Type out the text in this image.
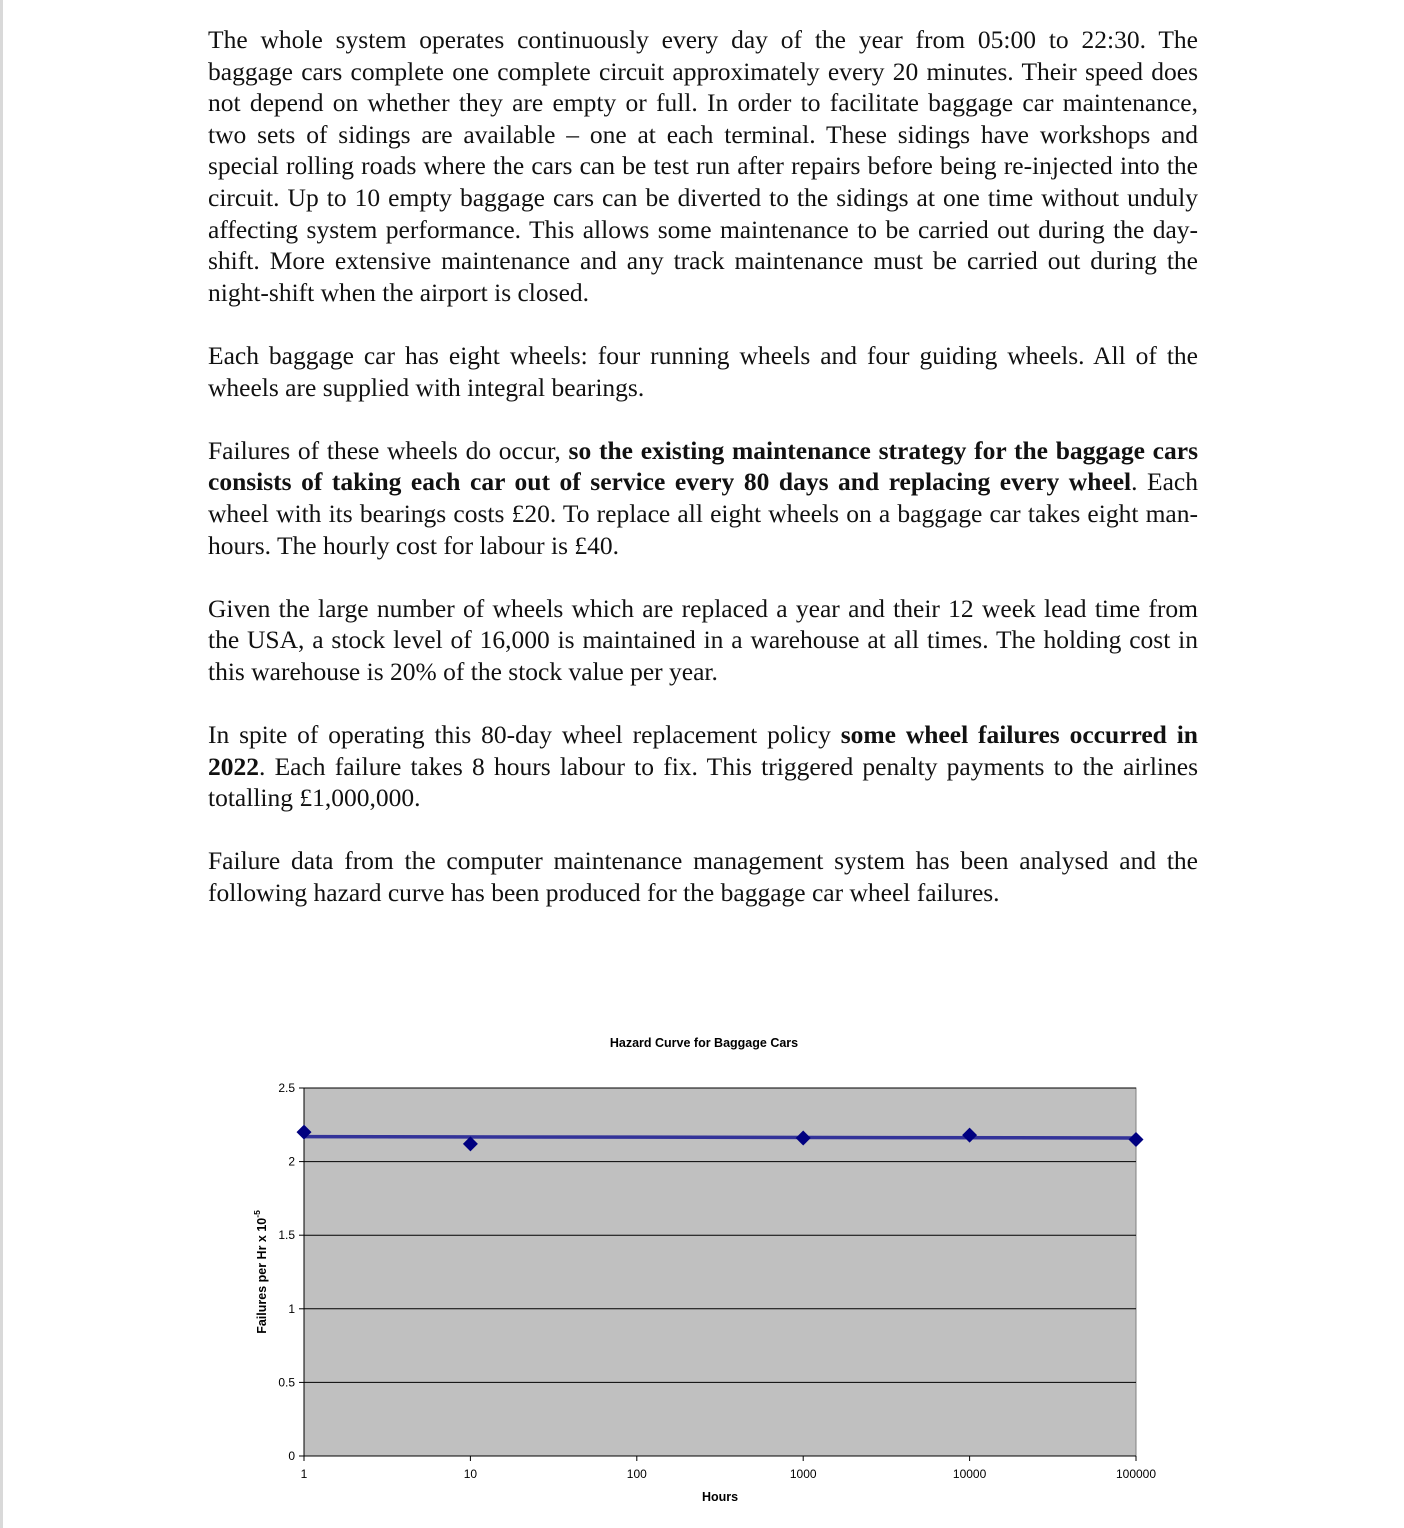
The whole system operates continuously every day of the year from 05:00 to 22:30. The baggage cars complete one complete circuit approximately every 20 minutes. Their speed does not depend on whether they are empty or full. In order to facilitate baggage car maintenance, two sets of sidings are available – one at each terminal. These sidings have workshops and special rolling roads where the cars can be test run after repairs before being re-injected into the circuit. Up to 10 empty baggage cars can be diverted to the sidings at one time without unduly affecting system performance. This allows some maintenance to be carried out during the day-shift. More extensive maintenance and any track maintenance must be carried out during the night-shift when the airport is closed.

Each baggage car has eight wheels: four running wheels and four guiding wheels. All of the wheels are supplied with integral bearings.

Failures of these wheels do occur, so the existing maintenance strategy for the baggage cars consists of taking each car out of service every 80 days and replacing every wheel. Each wheel with its bearings costs £20. To replace all eight wheels on a baggage car takes eight man-hours. The hourly cost for labour is £40.

Given the large number of wheels which are replaced a year and their 12 week lead time from the USA, a stock level of 16,000 is maintained in a warehouse at all times. The holding cost in this warehouse is 20% of the stock value per year.

In spite of operating this 80-day wheel replacement policy some wheel failures occurred in 2022. Each failure takes 8 hours labour to fix. This triggered penalty payments to the airlines totalling £1,000,000.

Failure data from the computer maintenance management system has been analysed and the following hazard curve has been produced for the baggage car wheel failures.

Hazard Curve for Baggage Cars
0
0.5
1
1.5
2
2.5
1	10	100	1000	10000	100000
Hours
Failures per Hr x $10^{-5}$
